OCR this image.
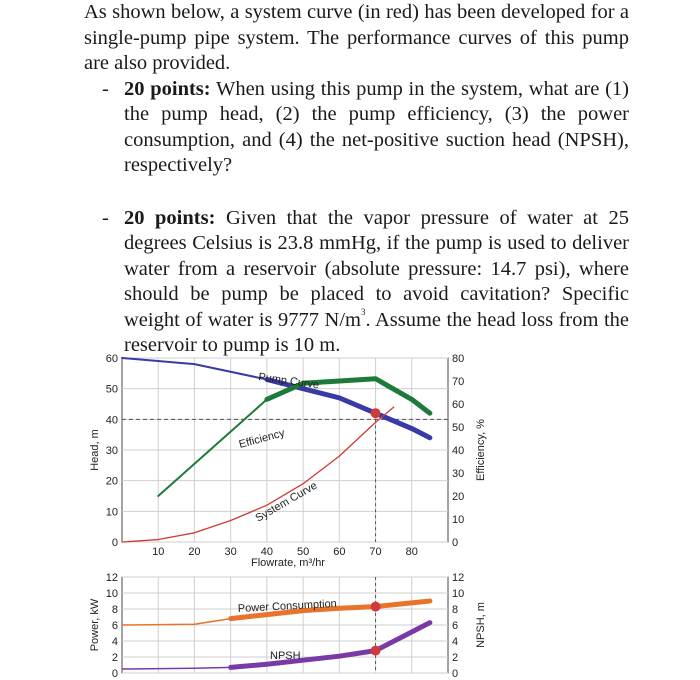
As shown below, a system curve (in red) has been developed for a single-pump pipe system. The performance curves of this pump are also provided.

- 20 points: When using this pump in the system, what are (1) the pump head, (2) the pump efficiency, (3) the power consumption, and (4) the net-positive suction head (NPSH), respectively?
- 20 points: Given that the vapor pressure of water at 25 degrees Celsius is 23.8 mmHg, if the pump is used to deliver water from a reservoir (absolute pressure: 14.7 psi), where should be pump be placed to avoid cavitation? Specific weight of water is 9777 $N/m^3$. Assume the head loss from the reservoir to pump is 10 m.
10 20 30 40 50 60 70 80
0
10
20
30
40
50
60
0
10
20
30
40
50
60
70
80
Pump Curve
Efficiency
System Curve
Flowrate, m³/hr
Head, m	Efficiency, %
0
2
4
6
8
10
12
0
2
4
6
8
10
12
Power Consumption
NPSH
Power, kW	NPSH, m
